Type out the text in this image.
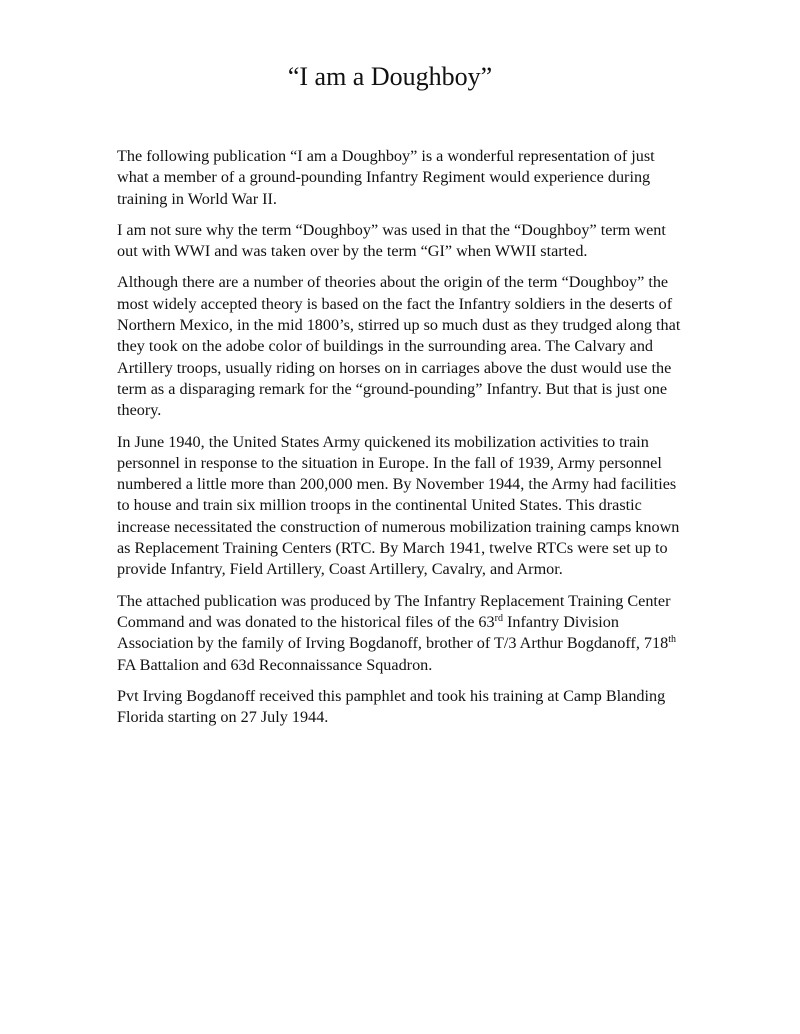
“I am a Doughboy”

The following publication “I am a Doughboy” is a wonderful representation of just what a member of a ground-pounding Infantry Regiment would experience during training in World War II.

I am not sure why the term “Doughboy” was used in that the “Doughboy” term went out with WWI and was taken over by the term “GI” when WWII started.

Although there are a number of theories about the origin of the term “Doughboy” the most widely accepted theory is based on the fact the Infantry soldiers in the deserts of Northern Mexico, in the mid 1800’s, stirred up so much dust as they trudged along that they took on the adobe color of buildings in the surrounding area. The Calvary and Artillery troops, usually riding on horses on in carriages above the dust would use the term as a disparaging remark for the “ground-pounding” Infantry. But that is just one theory.

In June 1940, the United States Army quickened its mobilization activities to train personnel in response to the situation in Europe. In the fall of 1939, Army personnel numbered a little more than 200,000 men. By November 1944, the Army had facilities to house and train six million troops in the continental United States. This drastic increase necessitated the construction of numerous mobilization training camps known as Replacement Training Centers (RTC. By March 1941, twelve RTCs were set up to provide Infantry, Field Artillery, Coast Artillery, Cavalry, and Armor.

The attached publication was produced by The Infantry Replacement Training Center Command and was donated to the historical files of the 63rd Infantry Division Association by the family of Irving Bogdanoff, brother of T/3 Arthur Bogdanoff, 718th FA Battalion and 63d Reconnaissance Squadron.

Pvt Irving Bogdanoff received this pamphlet and took his training at Camp Blanding Florida starting on 27 July 1944.
